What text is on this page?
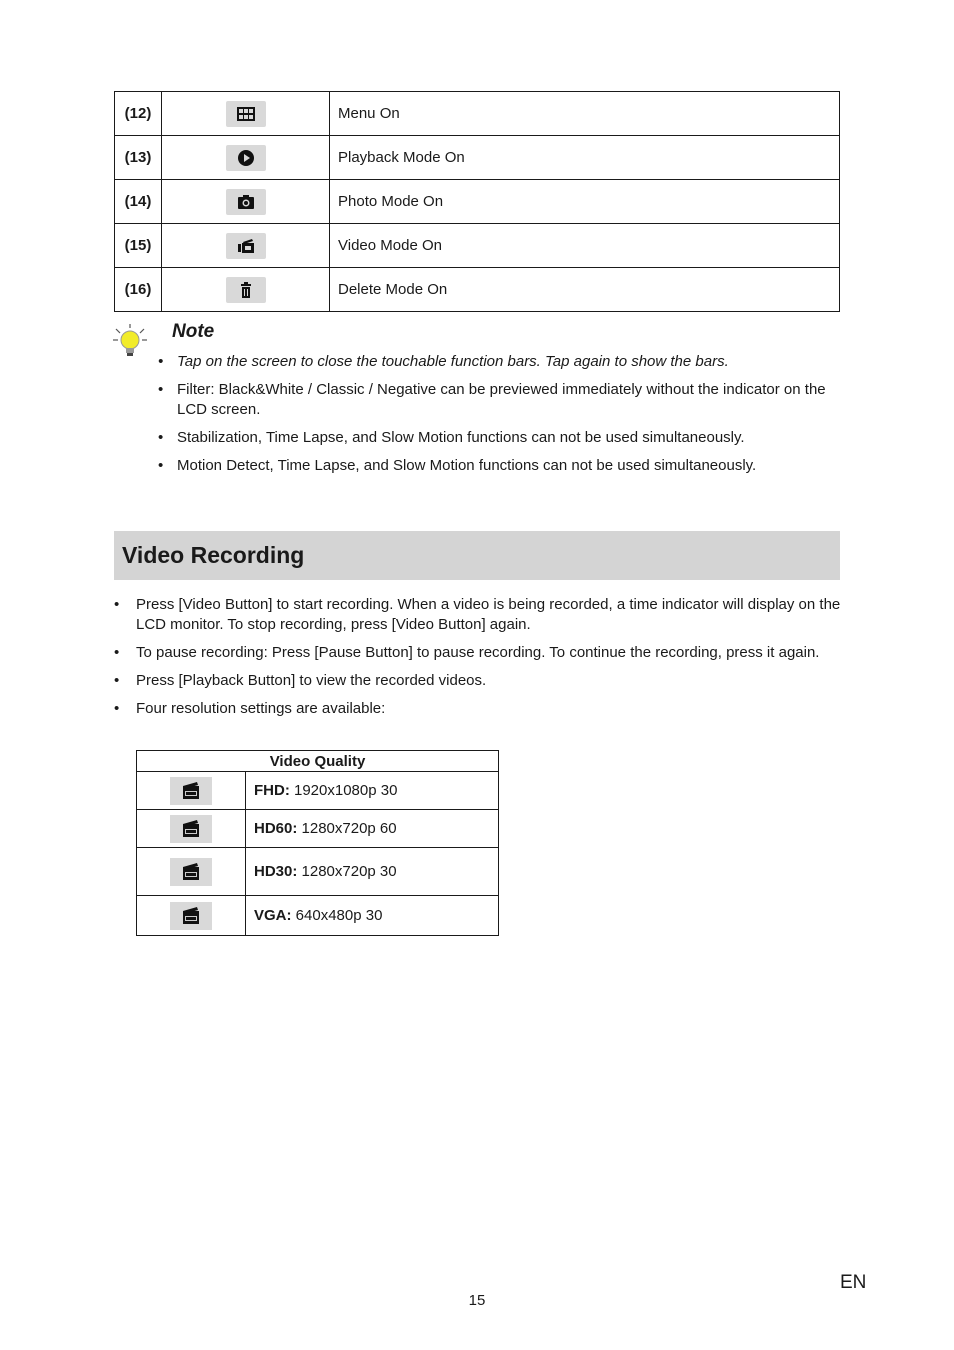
(12)		Menu On
(13)		Playback Mode On
(14)		Photo Mode On
(15)		Video Mode On
(16)		Delete Mode On
Note
• Tap on the screen to close the touchable function bars. Tap again to show the bars.
• Filter: Black&White / Classic / Negative can be previewed immediately without the indicator on the LCD screen.
• Stabilization, Time Lapse, and Slow Motion functions can not be used simultaneously.
• Motion Detect, Time Lapse, and Slow Motion functions can not be used simultaneously.
Video Recording
• Press [Video Button] to start recording. When a video is being recorded, a time indicator will display on the LCD monitor. To stop recording, press [Video Button] again.
• To pause recording: Press [Pause Button] to pause recording. To continue the recording, press it again.
• Press [Playback Button] to view the recorded videos.
• Four resolution settings are available:
Video Quality	

	FHD: 1920x1080p 30

	HD60: 1280x720p 60

	HD30: 1280x720p 30

	VGA: 640x480p 30
EN
15
